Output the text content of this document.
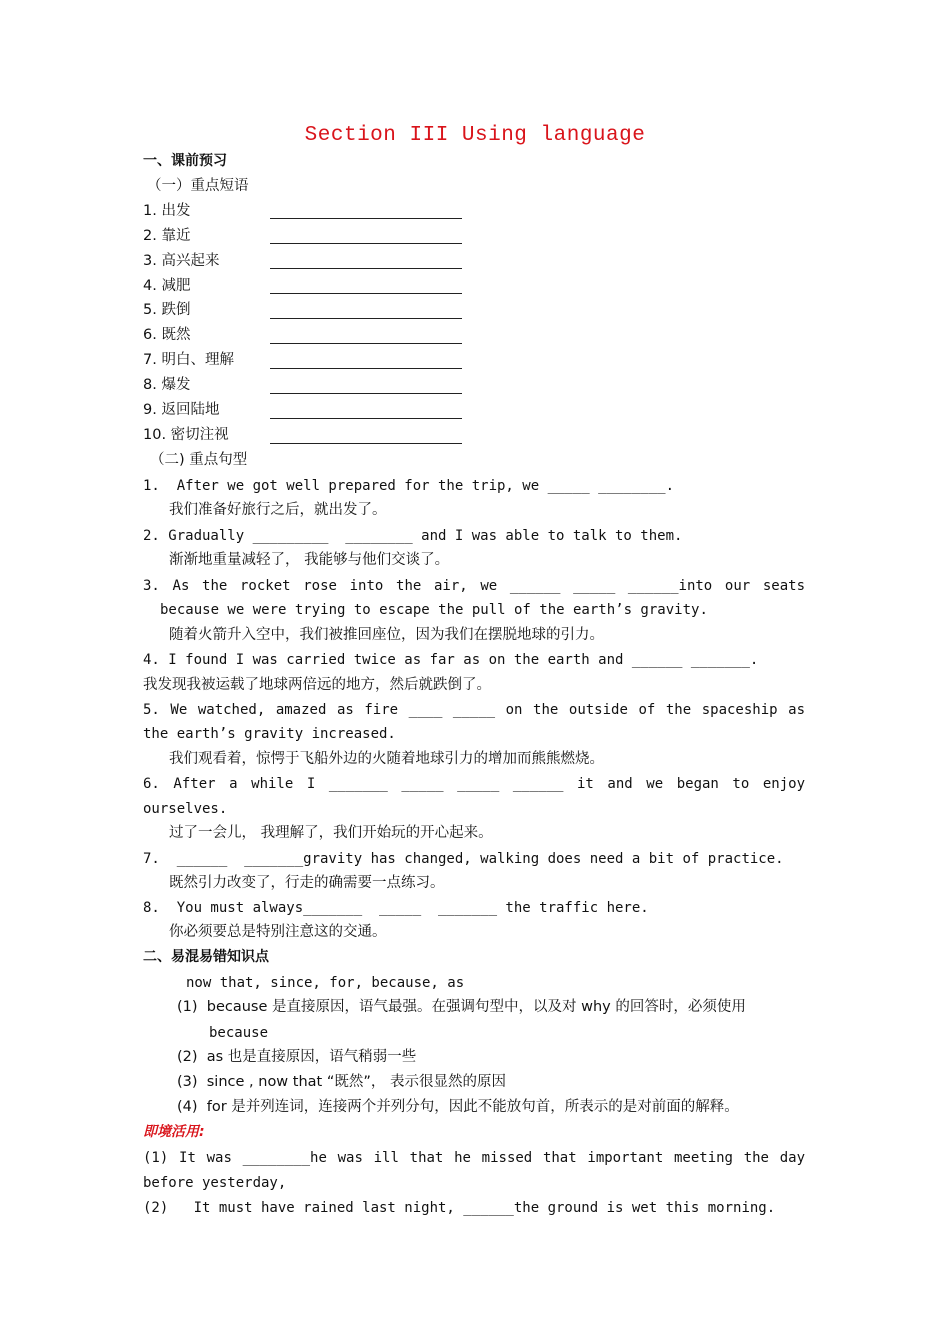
Section III Using language
一、课前预习
（一）重点短语
1. 出发
2. 靠近
3. 高兴起来
4. 减肥
5. 跌倒
6. 既然
7. 明白、理解
8. 爆发
9. 返回陆地
10. 密切注视
（二) 重点句型
1.  After we got well prepared for the trip, we _____ ________.
我们准备好旅行之后，就出发了。
2. Gradually _________  ________ and I was able to talk to them.
渐渐地重量减轻了， 我能够与他们交谈了。
3. As the rocket rose into the air, we ______ _____ ______into our seats
because we were trying to escape the pull of the earth’s gravity.
随着火箭升入空中，我们被推回座位，因为我们在摆脱地球的引力。
4. I found I was carried twice as far as on the earth and ______ _______.
我发现我被运载了地球两倍远的地方，然后就跌倒了。
5. We watched, amazed as fire ____ _____ on the outside of the spaceship as
the earth’s gravity increased.
我们观看着，惊愕于飞船外边的火随着地球引力的增加而熊熊燃烧。
6. After a while I _______ _____ _____ ______ it and we began to enjoy
ourselves.
过了一会儿， 我理解了，我们开始玩的开心起来。
7.  ______  _______gravity has changed, walking does need a bit of practice.
既然引力改变了，行走的确需要一点练习。
8.  You must always_______  _____  _______ the traffic here.
你必须要总是特别注意这的交通。
二、易混易错知识点
now that, since, for, because, as
(1)  because 是直接原因，语气最强。在强调句型中，以及对 why 的回答时，必须使用
because
(2)  as 也是直接原因，语气稍弱一些
(3)  since , now that “既然”， 表示很显然的原因
(4)  for 是并列连词，连接两个并列分句，因此不能放句首，所表示的是对前面的解释。
即境活用:
(1) It was ________he was ill that he missed that important meeting the day
before yesterday,
(2)   It must have rained last night, ______the ground is wet this morning.
